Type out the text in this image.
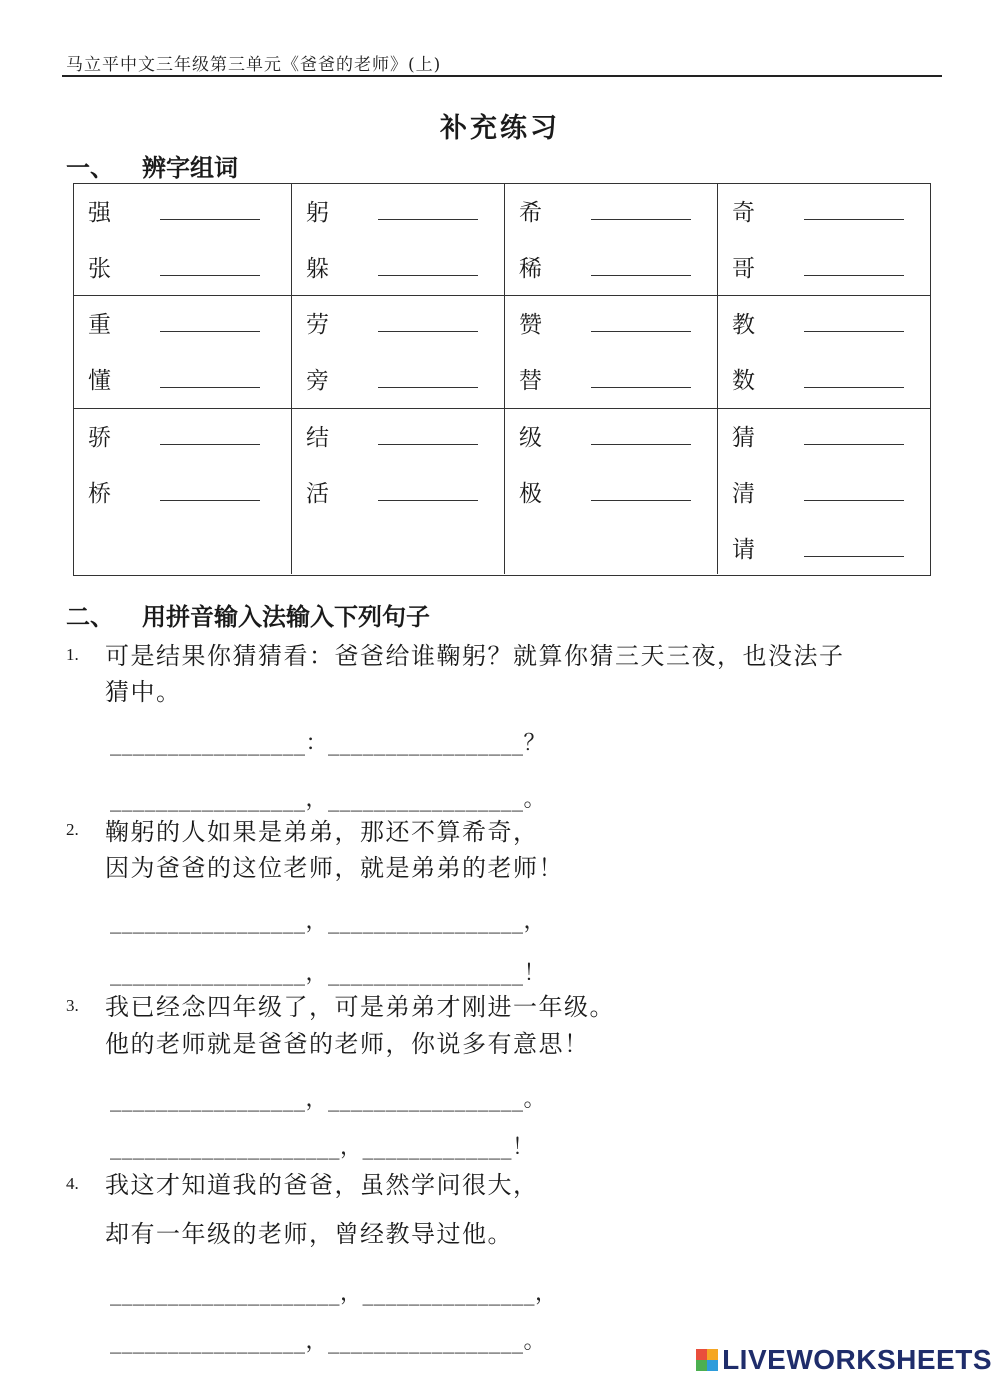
马立平中文三年级第三单元《爸爸的老师》(上)
补充练习
一、 辨字组词
强
张
躬
躲
希
稀
奇
哥
重
懂
劳
旁
赞
替
教
数
骄
桥
结
活
级
极
猜
清
请
二、 用拼音输入法输入下列句子
1. 可是结果你猜猜看：爸爸给谁鞠躬？就算你猜三天三夜，也没法子
猜中。
_________________：_________________？
_________________，_________________。
2. 鞠躬的人如果是弟弟，那还不算希奇，
因为爸爸的这位老师，就是弟弟的老师！
_________________，_________________，
_________________，_________________！
3. 我已经念四年级了，可是弟弟才刚进一年级。
他的老师就是爸爸的老师，你说多有意思！
_________________，_________________。
____________________，_____________！
4. 我这才知道我的爸爸，虽然学问很大，
却有一年级的老师，曾经教导过他。
____________________，_______________，
_________________，_________________。
LIVEWORKSHEETS
